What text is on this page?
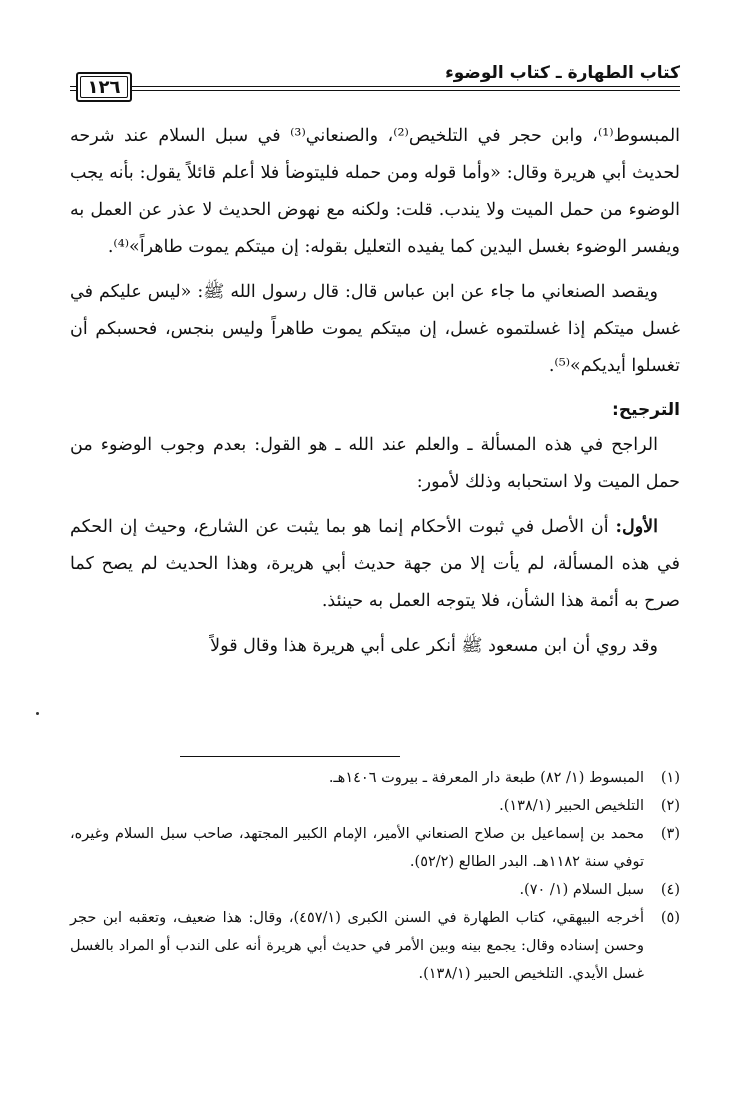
كتاب الطهارة ـ كتاب الوضوء
١٢٦

المبسوط⁽¹⁾، وابن حجر في التلخيص⁽²⁾، والصنعاني⁽³⁾ في سبل السلام عند شرحه لحديث أبي هريرة وقال: «وأما قوله ومن حمله فليتوضأ فلا أعلم قائلاً يقول: بأنه يجب الوضوء من حمل الميت ولا يندب. قلت: ولكنه مع نهوض الحديث لا عذر عن العمل به ويفسر الوضوء بغسل اليدين كما يفيده التعليل بقوله: إن ميتكم يموت طاهراً»⁽⁴⁾.

ويقصد الصنعاني ما جاء عن ابن عباس قال: قال رسول الله ﷺ: «ليس عليكم في غسل ميتكم إذا غسلتموه غسل، إن ميتكم يموت طاهراً وليس بنجس، فحسبكم أن تغسلوا أيديكم»⁽⁵⁾.

الترجيح:

الراجح في هذه المسألة ـ والعلم عند الله ـ هو القول: بعدم وجوب الوضوء من حمل الميت ولا استحبابه وذلك لأمور:

الأول: أن الأصل في ثبوت الأحكام إنما هو بما يثبت عن الشارع، وحيث إن الحكم في هذه المسألة، لم يأت إلا من جهة حديث أبي هريرة، وهذا الحديث لم يصح كما صرح به أئمة هذا الشأن، فلا يتوجه العمل به حينئذ.

وقد روي أن ابن مسعود ﷺ أنكر على أبي هريرة هذا وقال قولاً

(١)
المبسوط (١/ ٨٢) طبعة دار المعرفة ـ بيروت ١٤٠٦هـ.
(٢)
التلخيص الحبير (١٣٨/١).
(٣)
محمد بن إسماعيل بن صلاح الصنعاني الأمير، الإمام الكبير المجتهد، صاحب سبل السلام وغيره، توفي سنة ١١٨٢هـ. البدر الطالع (٥٢/٢).
(٤)
سبل السلام (١/ ٧٠).
(٥)
أخرجه البيهقي، كتاب الطهارة في السنن الكبرى (٤٥٧/١)، وقال: هذا ضعيف، وتعقبه ابن حجر وحسن إسناده وقال: يجمع بينه وبين الأمر في حديث أبي هريرة أنه على الندب أو المراد بالغسل غسل الأيدي. التلخيص الحبير (١٣٨/١).
